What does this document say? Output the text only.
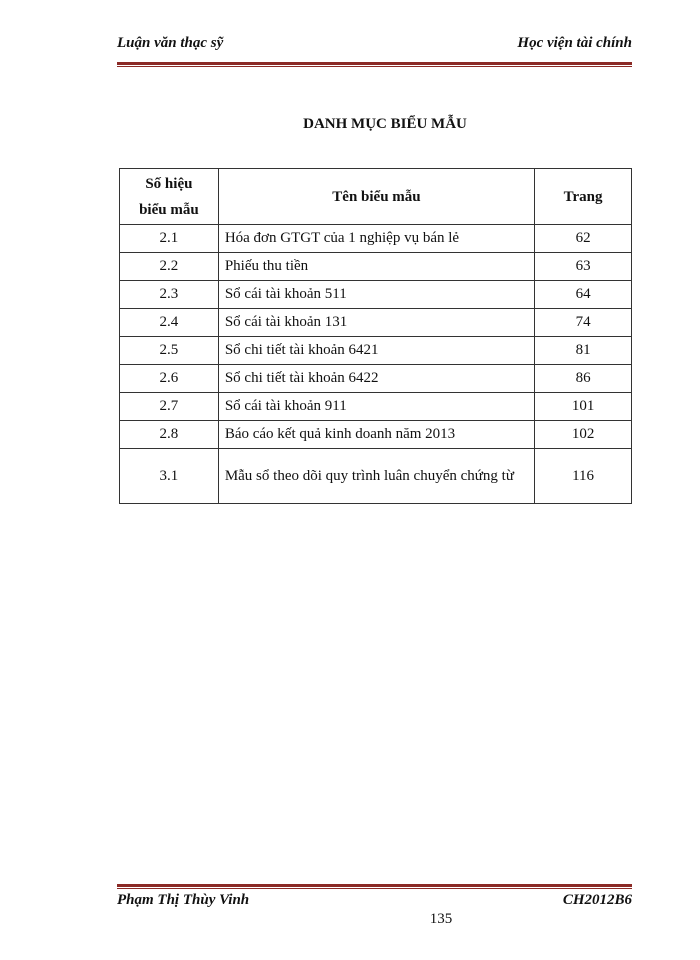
Luận văn thạc sỹ	Học viện tài chính
DANH MỤC BIỂU MẪU
Số hiệu
biểu mẫu	Tên biểu mẫu	Trang
2.1	Hóa đơn GTGT của 1 nghiệp vụ bán lẻ	62
2.2	Phiếu thu tiền	63
2.3	Sổ cái tài khoản 511	64
2.4	Sổ cái tài khoản 131	74
2.5	Sổ chi tiết tài khoản 6421	81
2.6	Sổ chi tiết tài khoản 6422	86
2.7	Sổ cái tài khoản 911	101
2.8	Báo cáo kết quả kinh doanh năm 2013	102
3.1	Mẫu sổ theo dõi quy trình luân chuyển chứng từ	116
Phạm Thị Thùy Vinh	CH2012B6
135
